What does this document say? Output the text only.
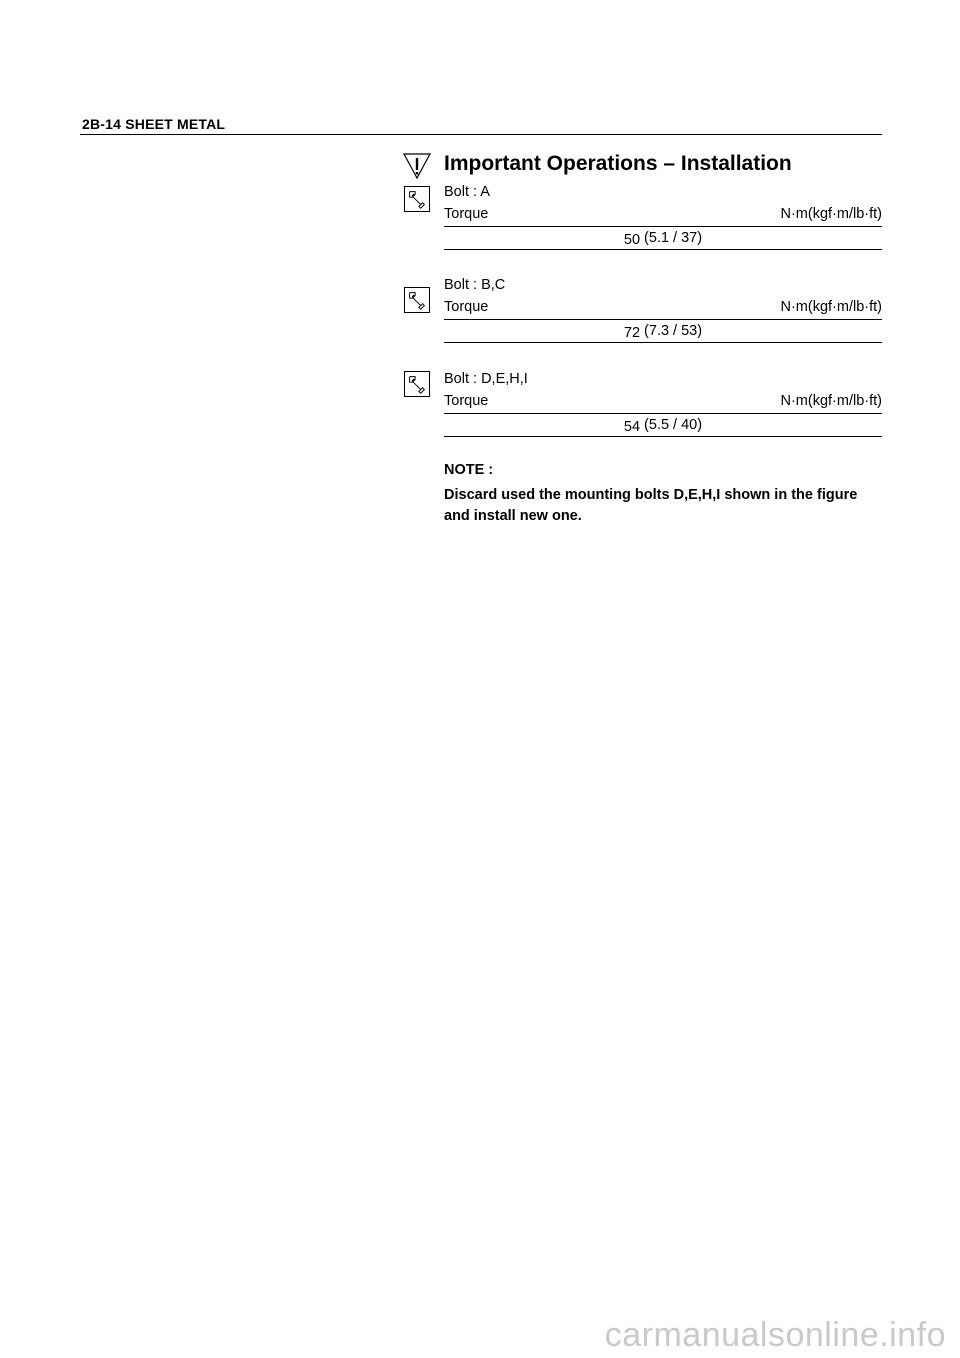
2B-14 SHEET METAL
Important Operations – Installation
Bolt : A
Torque	N·m(kgf·m/lb·ft)
50 (5.1 / 37)
Bolt : B,C
Torque	N·m(kgf·m/lb·ft)
72 (7.3 / 53)
Bolt : D,E,H,I
Torque	N·m(kgf·m/lb·ft)
54 (5.5 / 40)
NOTE :
Discard used the mounting bolts D,E,H,I shown in the figure and install new one.
carmanualsonline.info
